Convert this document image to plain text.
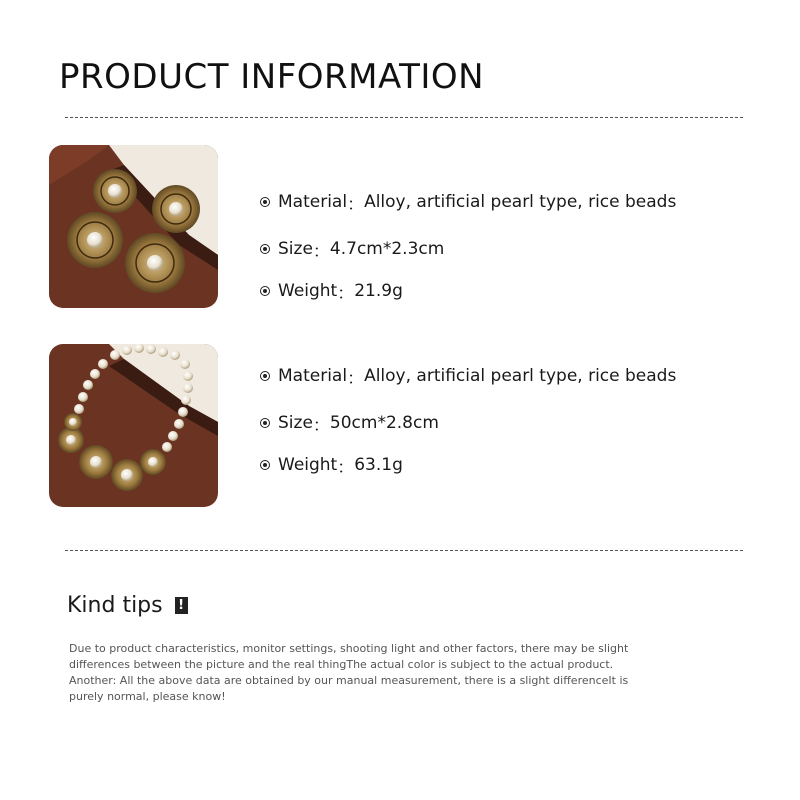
PRODUCT INFORMATION
Material ： Alloy, artificial pearl type, rice beads
Size ： 4.7cm*2.3cm
Weight ： 21.9g
Material ： Alloy, artificial pearl type, rice beads
Size ： 50cm*2.8cm
Weight ： 63.1g
Kind tips !

Due to product characteristics, monitor settings, shooting light and other factors, there may be slight

differences between the picture and the real thingThe actual color is subject to the actual product.

Another: All the above data are obtained by our manual measurement, there is a slight differenceIt is

purely normal, please know!
